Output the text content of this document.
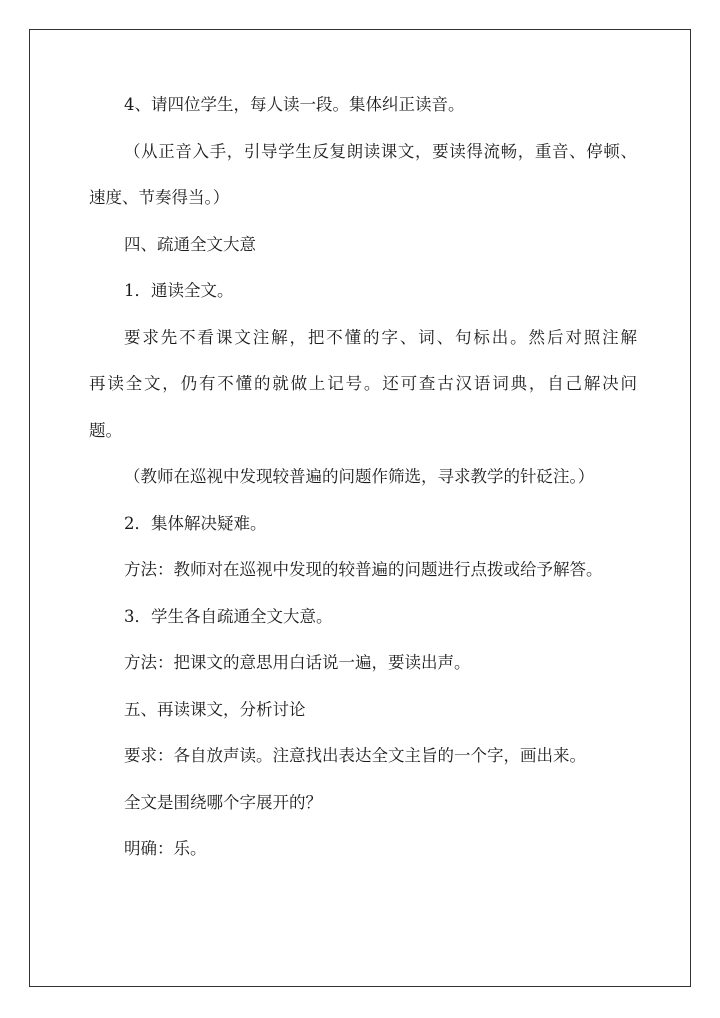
4、请四位学生，每人读一段。集体纠正读音。

（从正音入手，引导学生反复朗读课文，要读得流畅，重音、停顿、

速度、节奏得当。）

四、疏通全文大意

1．通读全文。

要求先不看课文注解，把不懂的字、词、句标出。然后对照注解

再读全文，仍有不懂的就做上记号。还可查古汉语词典，自己解决问

题。

（教师在巡视中发现较普遍的问题作筛选，寻求教学的针砭注。）

2．集体解决疑难。

方法：教师对在巡视中发现的较普遍的问题进行点拨或给予解答。

3．学生各自疏通全文大意。

方法：把课文的意思用白话说一遍，要读出声。

五、再读课文，分析讨论

要求：各自放声读。注意找出表达全文主旨的一个字，画出来。

全文是围绕哪个字展开的？

明确：乐。
